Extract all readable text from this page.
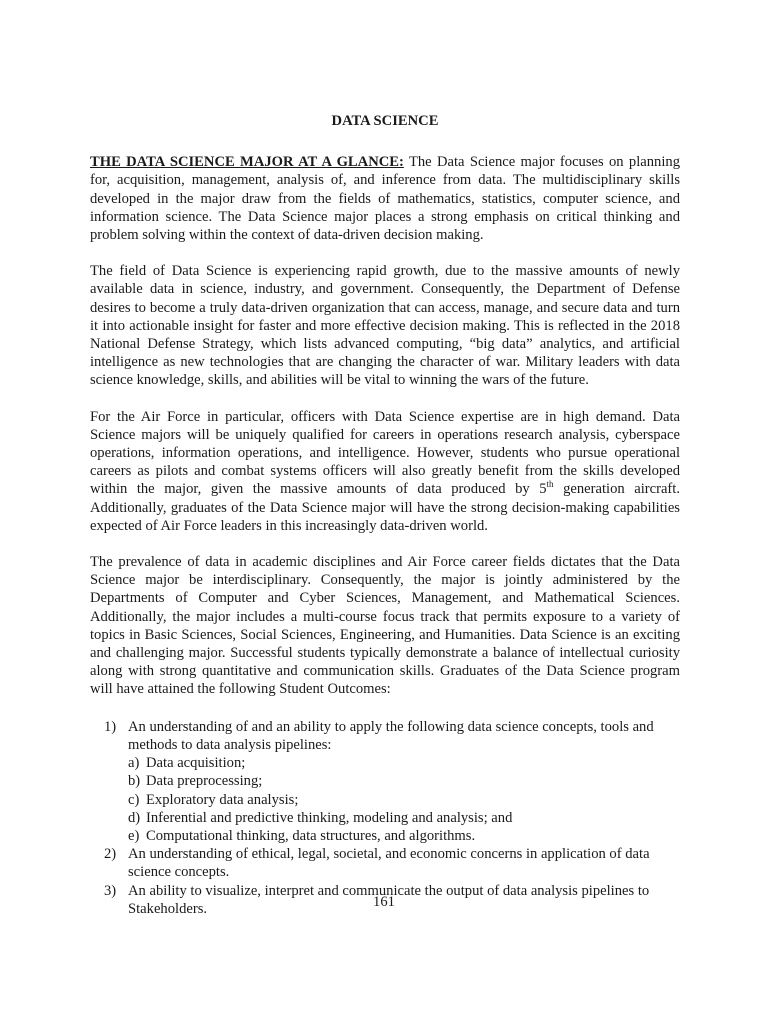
DATA SCIENCE

THE DATA SCIENCE MAJOR AT A GLANCE: The Data Science major focuses on planning for, acquisition, management, analysis of, and inference from data. The multidisciplinary skills developed in the major draw from the fields of mathematics, statistics, computer science, and information science. The Data Science major places a strong emphasis on critical thinking and problem solving within the context of data-driven decision making.

The field of Data Science is experiencing rapid growth, due to the massive amounts of newly available data in science, industry, and government. Consequently, the Department of Defense desires to become a truly data-driven organization that can access, manage, and secure data and turn it into actionable insight for faster and more effective decision making. This is reflected in the 2018 National Defense Strategy, which lists advanced computing, “big data” analytics, and artificial intelligence as new technologies that are changing the character of war. Military leaders with data science knowledge, skills, and abilities will be vital to winning the wars of the future.

For the Air Force in particular, officers with Data Science expertise are in high demand. Data Science majors will be uniquely qualified for careers in operations research analysis, cyberspace operations, information operations, and intelligence. However, students who pursue operational careers as pilots and combat systems officers will also greatly benefit from the skills developed within the major, given the massive amounts of data produced by 5th generation aircraft. Additionally, graduates of the Data Science major will have the strong decision-making capabilities expected of Air Force leaders in this increasingly data-driven world.

The prevalence of data in academic disciplines and Air Force career fields dictates that the Data Science major be interdisciplinary. Consequently, the major is jointly administered by the Departments of Computer and Cyber Sciences, Management, and Mathematical Sciences. Additionally, the major includes a multi-course focus track that permits exposure to a variety of topics in Basic Sciences, Social Sciences, Engineering, and Humanities. Data Science is an exciting and challenging major. Successful students typically demonstrate a balance of intellectual curiosity along with strong quantitative and communication skills. Graduates of the Data Science program will have attained the following Student Outcomes:

1) An understanding of and an ability to apply the following data science concepts, tools and methods to data analysis pipelines:
a) Data acquisition;
b) Data preprocessing;
c) Exploratory data analysis;
d) Inferential and predictive thinking, modeling and analysis; and
e) Computational thinking, data structures, and algorithms.
2) An understanding of ethical, legal, societal, and economic concerns in application of data science concepts.
3) An ability to visualize, interpret and communicate the output of data analysis pipelines to Stakeholders.	161
